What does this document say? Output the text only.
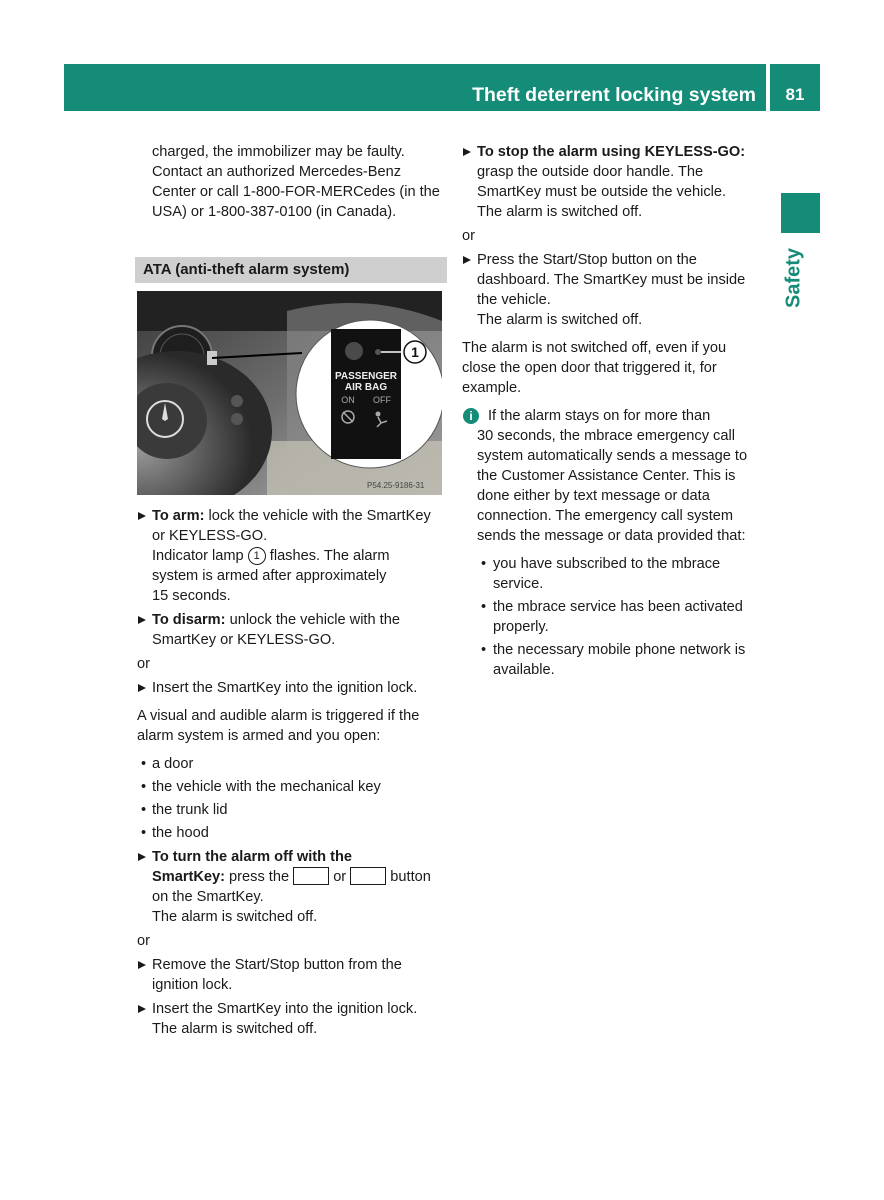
Theft deterrent locking system	81
Safety

charged, the immobilizer may be faulty.

Contact an authorized Mercedes-Benz

Center or call 1-800-FOR-MERCedes (in the

USA) or 1-800-387-0100 (in Canada).

ATA (anti-theft alarm system)
1
PASSENGER
AIR BAG
ON OFF
P54.25-9186-31
To arm: lock the vehicle with the SmartKey
or KEYLESS-GO.
Indicator lamp 1 flashes. The alarm
system is armed after approximately
15 seconds.
To disarm: unlock the vehicle with the
SmartKey or KEYLESS-GO.
or
Insert the SmartKey into the ignition lock.
A visual and audible alarm is triggered if the
alarm system is armed and you open:
• a door
• the vehicle with the mechanical key
• the trunk lid
• the hood
To turn the alarm off with the
SmartKey: press the  or  button
on the SmartKey.
The alarm is switched off.
or
Remove the Start/Stop button from the
ignition lock.
Insert the SmartKey into the ignition lock.
The alarm is switched off.
To stop the alarm using KEYLESS-GO:
grasp the outside door handle. The
SmartKey must be outside the vehicle.
The alarm is switched off.
or
Press the Start/Stop button on the
dashboard. The SmartKey must be inside
the vehicle.
The alarm is switched off.
The alarm is not switched off, even if you
close the open door that triggered it, for
example.
i	If the alarm stays on for more than
30 seconds, the mbrace emergency call
system automatically sends a message to
the Customer Assistance Center. This is
done either by text message or data
connection. The emergency call system
sends the message or data provided that:
• you have subscribed to the mbrace
service.
• the mbrace service has been activated
properly.
• the necessary mobile phone network is
available.
